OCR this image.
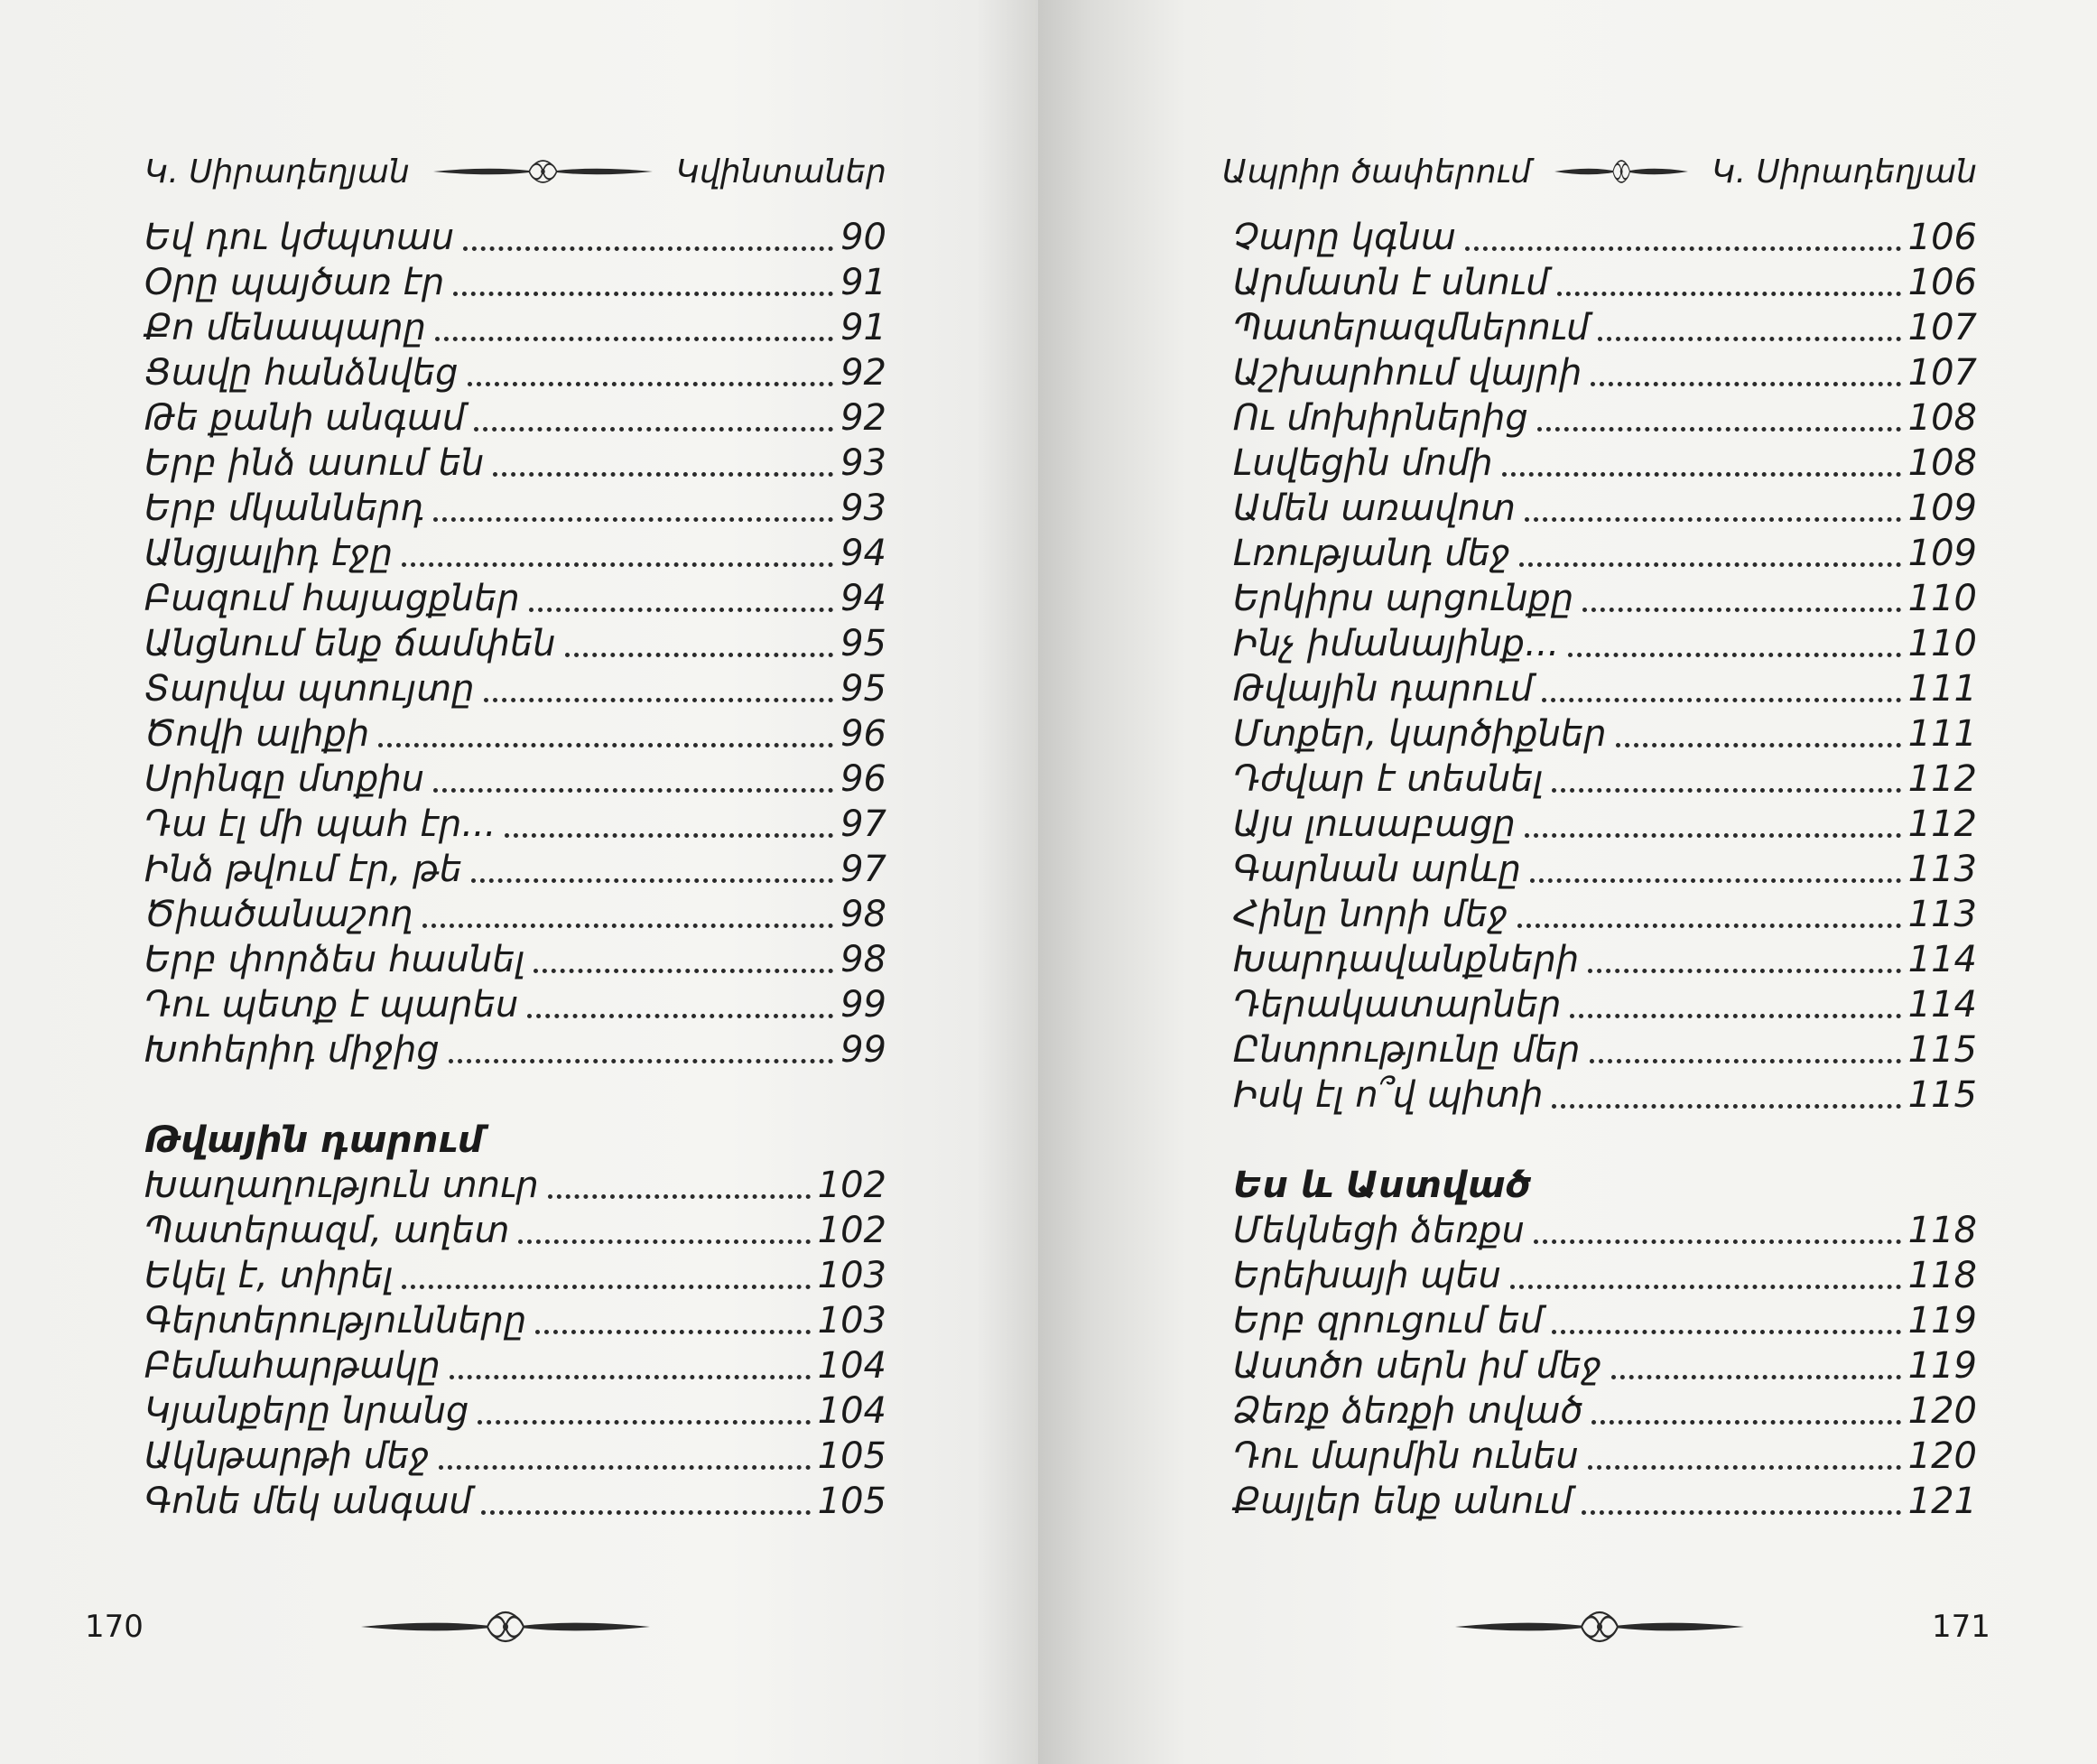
Կ. Սիրադեղյան	Կվինտաներ
Եվ դու կժպտաս	90
Օրը պայծառ էր	91
Քո մենապարը	91
Ցավը հանձնվեց	92
Թե քանի անգամ	92
Երբ ինձ ասում են	93
Երբ մկաններդ	93
Անցյալիդ էջը	94
Բազում հայացքներ	94
Անցնում ենք ճամփեն	95
Տարվա պտույտը	95
Ծովի ալիքի	96
Սրինգը մտքիս	96
Դա էլ մի պահ էր...	97
Ինձ թվում էր, թե	97
Ծիածանաշող	98
Երբ փորձես հասնել	98
Դու պետք է պարես	99
Խոհերիդ միջից	99
Թվային դարում
Խաղաղություն տուր	102
Պատերազմ, աղետ	102
Եկել է, տիրել	103
Գերտերությունները	103
Բեմահարթակը	104
Կյանքերը նրանց	104
Ակնթարթի մեջ	105
Գոնե մեկ անգամ	105
170
Ապրիր ծափերում	Կ. Սիրադեղյան
Չարը կգնա	106
Արմատն է սնում	106
Պատերազմներում	107
Աշխարհում վայրի	107
Ու մոխիրներից	108
Լսվեցին մոմի	108
Ամեն առավոտ	109
Լռությանդ մեջ	109
Երկիրս արցունքը	110
Ինչ իմանայինք...	110
Թվային դարում	111
Մտքեր, կարծիքներ	111
Դժվար է տեսնել	112
Այս լուսաբացը	112
Գարնան արևը	113
Հինը նորի մեջ	113
Խարդավանքների	114
Դերակատարներ	114
Ընտրությունը մեր	115
Իսկ էլ ո՞վ պիտի	115
Ես և Աստված
Մեկնեցի ձեռքս	118
Երեխայի պես	118
Երբ զրուցում եմ	119
Աստծո սերն իմ մեջ	119
Ձեռք ձեռքի տված	120
Դու մարմին ունես	120
Քայլեր ենք անում	121
171
